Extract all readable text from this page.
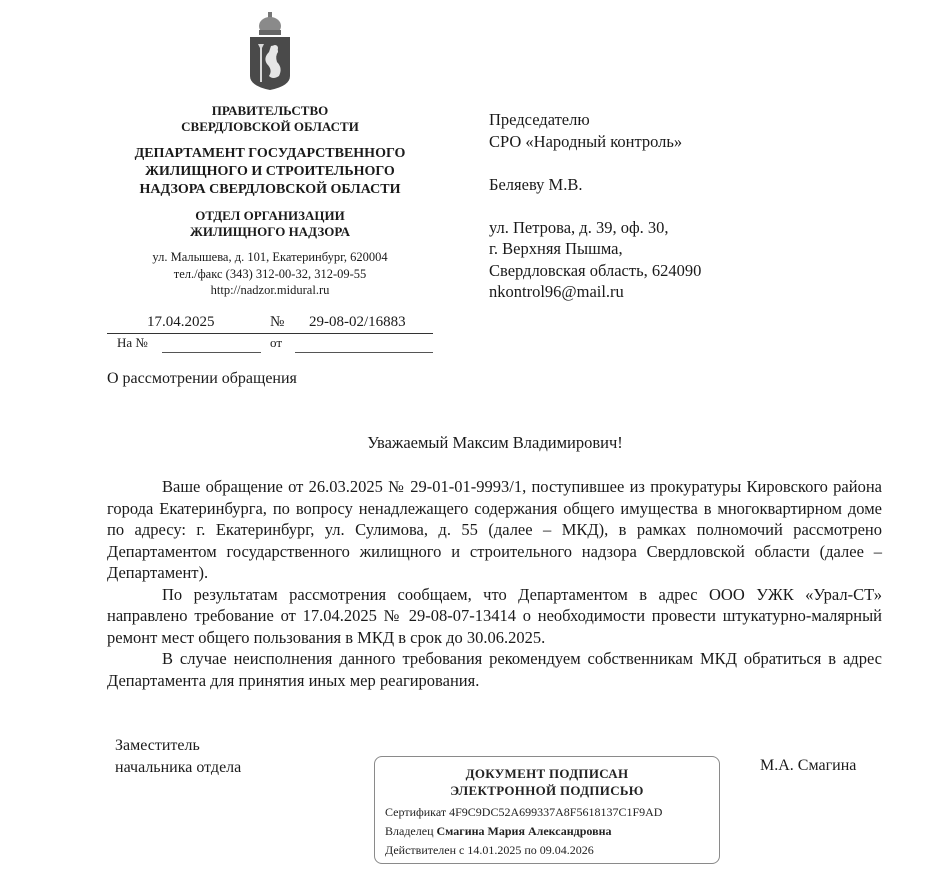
ПРАВИТЕЛЬСТВО
СВЕРДЛОВСКОЙ ОБЛАСТИ
ДЕПАРТАМЕНТ ГОСУДАРСТВЕННОГО
ЖИЛИЩНОГО И СТРОИТЕЛЬНОГО
НАДЗОРА СВЕРДЛОВСКОЙ ОБЛАСТИ
ОТДЕЛ ОРГАНИЗАЦИИ
ЖИЛИЩНОГО НАДЗОРА
ул. Малышева, д. 101, Екатеринбург, 620004
тел./факс (343) 312-00-32, 312-09-55
http://nadzor.midural.ru
17.04.2025	№ 29-08-02/16883
На №	от
О рассмотрении обращения
Председателю
СРО «Народный контроль»
Беляеву М.В.
ул. Петрова, д. 39, оф. 30,
г. Верхняя Пышма,
Свердловская область, 624090
nkontrol96@mail.ru
Уважаемый Максим Владимирович!

Ваше обращение от 26.03.2025 № 29-01-01-9993/1, поступившее из прокуратуры Кировского района города Екатеринбурга, по вопросу ненадлежащего содержания общего имущества в многоквартирном доме по адресу: г. Екатеринбург, ул. Сулимова, д. 55 (далее – МКД), в рамках полномочий рассмотрено Департаментом государственного жилищного и строительного надзора Свердловской области (далее – Департамент).

По результатам рассмотрения сообщаем, что Департаментом в адрес ООО УЖК «Урал-СТ» направлено требование от 17.04.2025 № 29-08-07-13414 о необходимости провести штукатурно-малярный ремонт мест общего пользования в МКД в срок до 30.06.2025.

В случае неисполнения данного требования рекомендуем собственникам МКД обратиться в адрес Департамента для принятия иных мер реагирования.

Заместитель
начальника отдела	ДОКУМЕНТ ПОДПИСАН
ЭЛЕКТРОННОЙ ПОДПИСЬЮ
Сертификат 4F9C9DC52A699337A8F5618137C1F9AD
Владелец Смагина Мария Александровна
Действителен с 14.01.2025 по 09.04.2026
М.А. Смагина
